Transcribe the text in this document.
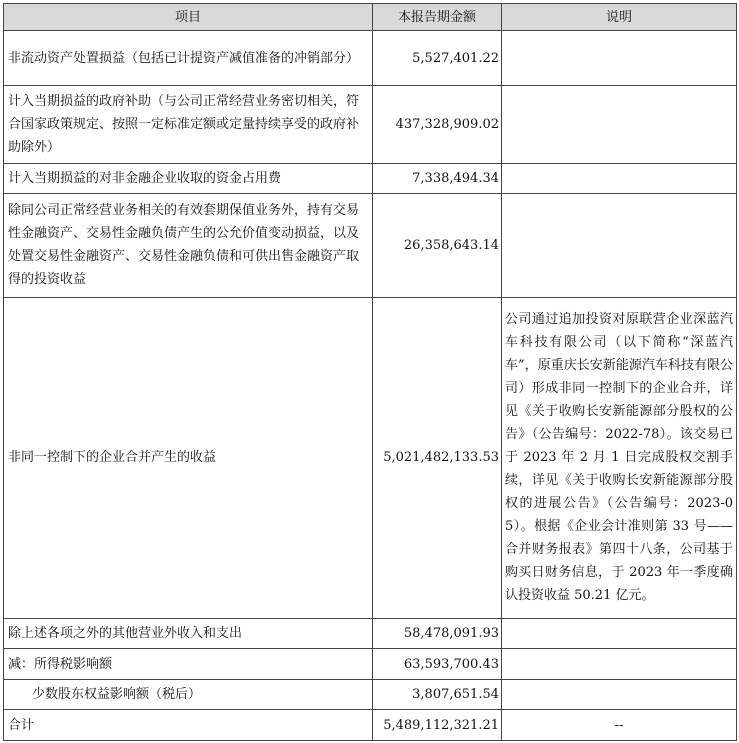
项目	本报告期金额	说明
非流动资产处置损益（包括已计提资产减值准备的冲销部分）	5,527,401.22	
计入当期损益的政府补助（与公司正常经营业务密切相关，符合国家政策规定、按照一定标准定额或定量持续享受的政府补助除外）	437,328,909.02	
计入当期损益的对非金融企业收取的资金占用费	7,338,494.34	
除同公司正常经营业务相关的有效套期保值业务外，持有交易性金融资产、交易性金融负债产生的公允价值变动损益，以及处置交易性金融资产、交易性金融负债和可供出售金融资产取得的投资收益	26,358,643.14	
非同一控制下的企业合并产生的收益	5,021,482,133.53	公司通过追加投资对原联营企业深蓝汽车科技有限公司（以下简称“深蓝汽车”，原重庆长安新能源汽车科技有限公司）形成非同一控制下的企业合并，详见《关于收购长安新能源部分股权的公告》（公告编号：2022-78）。该交易已于 2023 年 2 月 1 日完成股权交割手续，详见《关于收购长安新能源部分股权的进展公告》（公告编号：2023-05）。根据《企业会计准则第 33 号——合并财务报表》第四十八条，公司基于购买日财务信息，于 2023 年一季度确认投资收益 50.21 亿元。
除上述各项之外的其他营业外收入和支出	58,478,091.93	
减：所得税影响额	63,593,700.43	
少数股东权益影响额（税后）	3,807,651.54	
合计	5,489,112,321.21	--
